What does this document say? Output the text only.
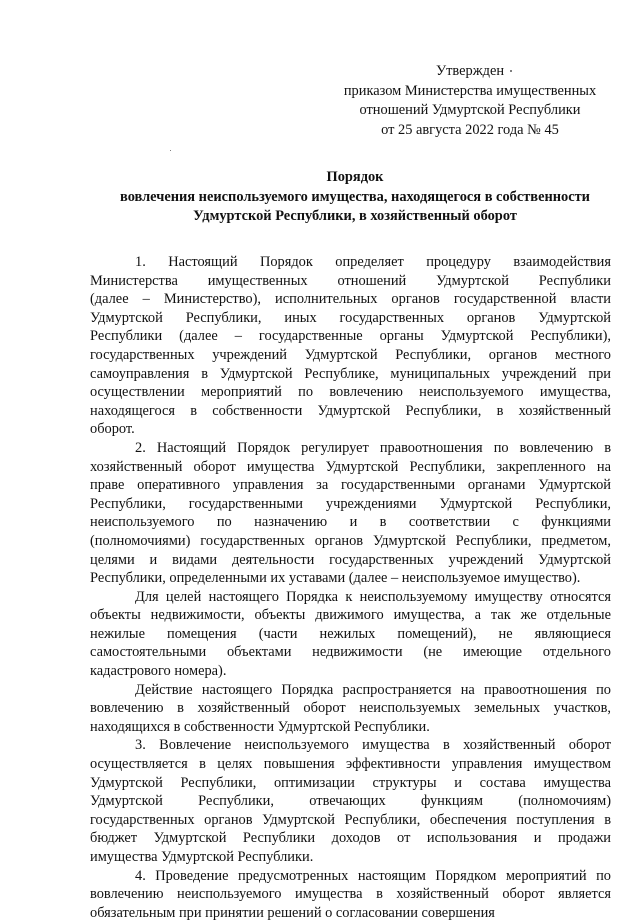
Утвержден
приказом Министерства имущественных
отношений Удмуртской Республики
от 25 августа 2022 года № 45
Порядок
вовлечения неиспользуемого имущества, находящегося в собственности
Удмуртской Республики, в хозяйственный оборот
1. Настоящий Порядок определяет процедуру взаимодействия
Министерства имущественных отношений Удмуртской Республики
(далее – Министерство), исполнительных органов государственной власти
Удмуртской Республики, иных государственных органов Удмуртской
Республики (далее – государственные органы Удмуртской Республики),
государственных учреждений Удмуртской Республики, органов местного
самоуправления в Удмуртской Республике, муниципальных учреждений при
осуществлении мероприятий по вовлечению неиспользуемого имущества,
находящегося в собственности Удмуртской Республики, в хозяйственный
оборот.
2. Настоящий Порядок регулирует правоотношения по вовлечению в
хозяйственный оборот имущества Удмуртской Республики, закрепленного на
праве оперативного управления за государственными органами Удмуртской
Республики, государственными учреждениями Удмуртской Республики,
неиспользуемого по назначению и в соответствии с функциями
(полномочиями) государственных органов Удмуртской Республики, предметом,
целями и видами деятельности государственных учреждений Удмуртской
Республики, определенными их уставами (далее – неиспользуемое имущество).
Для целей настоящего Порядка к неиспользуемому имуществу относятся
объекты недвижимости, объекты движимого имущества, а так же отдельные
нежилые помещения (части нежилых помещений), не являющиеся
самостоятельными объектами недвижимости (не имеющие отдельного
кадастрового номера).
Действие настоящего Порядка распространяется на правоотношения по
вовлечению в хозяйственный оборот неиспользуемых земельных участков,
находящихся в собственности Удмуртской Республики.
3. Вовлечение неиспользуемого имущества в хозяйственный оборот
осуществляется в целях повышения эффективности управления имуществом
Удмуртской Республики, оптимизации структуры и состава имущества
Удмуртской Республики, отвечающих функциям (полномочиям)
государственных органов Удмуртской Республики, обеспечения поступления в
бюджет Удмуртской Республики доходов от использования и продажи
имущества Удмуртской Республики.
4. Проведение предусмотренных настоящим Порядком мероприятий по
вовлечению неиспользуемого имущества в хозяйственный оборот является
обязательным при принятии решений о согласовании совершения
